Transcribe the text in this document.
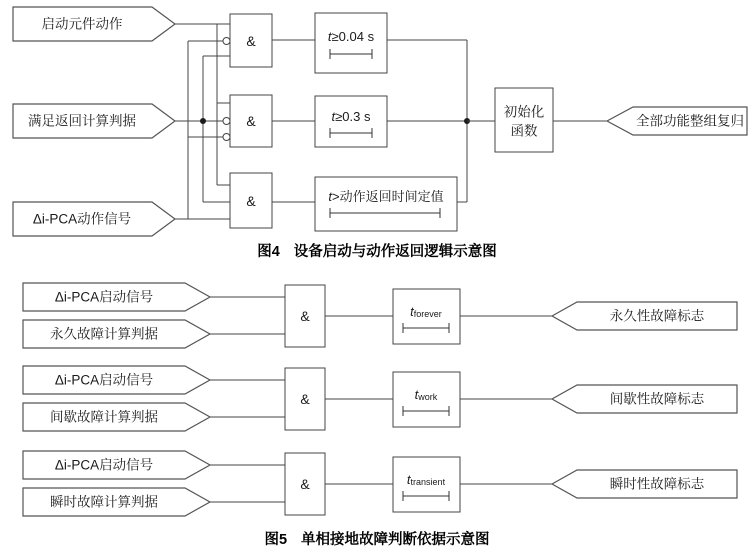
启动元件动作
满足返回计算判据
Δi-PCA动作信号
&
&
&
t≥0.04 s
t≥0.3 s
t>动作返回时间定值
初始化
函数
全部功能整组复归
图4 设备启动与动作返回逻辑示意图
Δi-PCA启动信号
永久故障计算判据
&	$t_{forever}$	永久性故障标志
Δi-PCA启动信号
间歇故障计算判据
&	$t_{work}$	间歇性故障标志
Δi-PCA启动信号
瞬时故障计算判据
&	$t_{transient}$	瞬时性故障标志
图5 单相接地故障判断依据示意图
